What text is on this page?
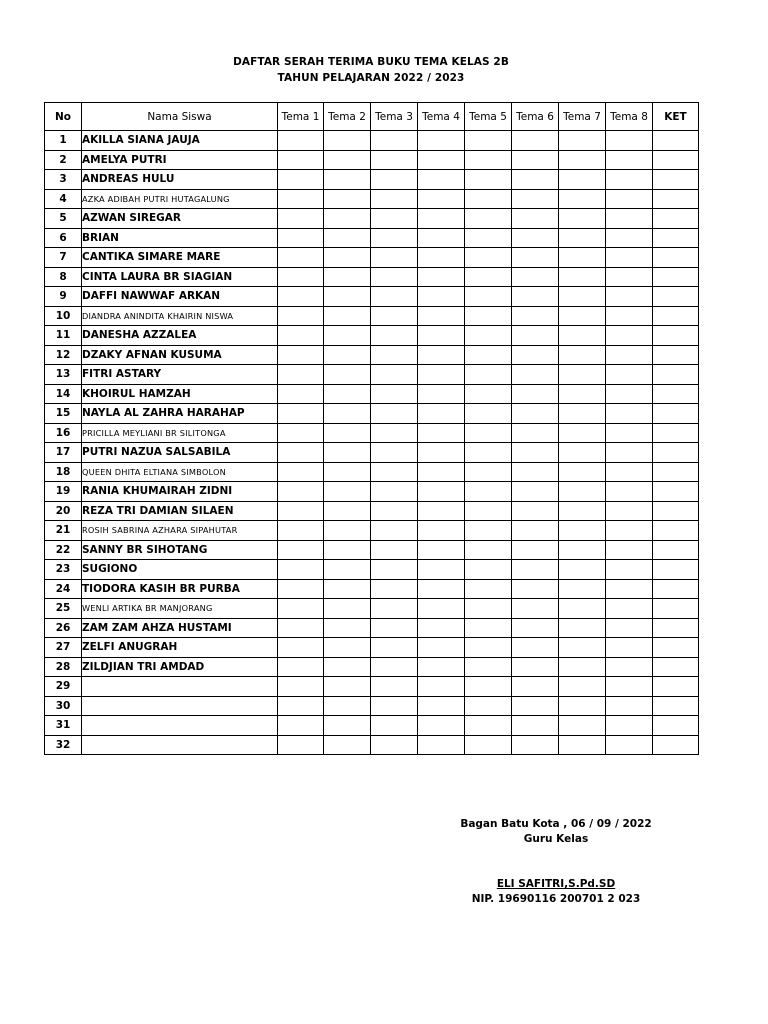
DAFTAR SERAH TERIMA BUKU TEMA KELAS 2B
TAHUN PELAJARAN 2022 / 2023
No	Nama Siswa	Tema 1	Tema 2	Tema 3	Tema 4	Tema 5	Tema 6	Tema 7	Tema 8	KET
1	AKILLA SIANA JAUJA									
2	AMELYA PUTRI									
3	ANDREAS HULU									
4	AZKA ADIBAH PUTRI HUTAGALUNG									
5	AZWAN SIREGAR									
6	BRIAN									
7	CANTIKA SIMARE MARE									
8	CINTA LAURA BR SIAGIAN									
9	DAFFI NAWWAF ARKAN									
10	DIANDRA ANINDITA KHAIRIN NISWA									
11	DANESHA AZZALEA									
12	DZAKY AFNAN KUSUMA									
13	FITRI ASTARY									
14	KHOIRUL HAMZAH									
15	NAYLA AL ZAHRA HARAHAP									
16	PRICILLA MEYLIANI BR SILITONGA									
17	PUTRI NAZUA SALSABILA									
18	QUEEN DHITA ELTIANA SIMBOLON									
19	RANIA KHUMAIRAH ZIDNI									
20	REZA TRI DAMIAN SILAEN									
21	ROSIH SABRINA AZHARA SIPAHUTAR									
22	SANNY BR SIHOTANG									
23	SUGIONO									
24	TIODORA KASIH BR PURBA									
25	WENLI ARTIKA BR MANJORANG									
26	ZAM ZAM AHZA HUSTAMI									
27	ZELFI ANUGRAH									
28	ZILDJIAN TRI AMDAD									
29										
30										
31										
32										
Bagan Batu Kota , 06 / 09 / 2022
Guru Kelas
ELI SAFITRI,S.Pd.SD
NIP. 19690116 200701 2 023
